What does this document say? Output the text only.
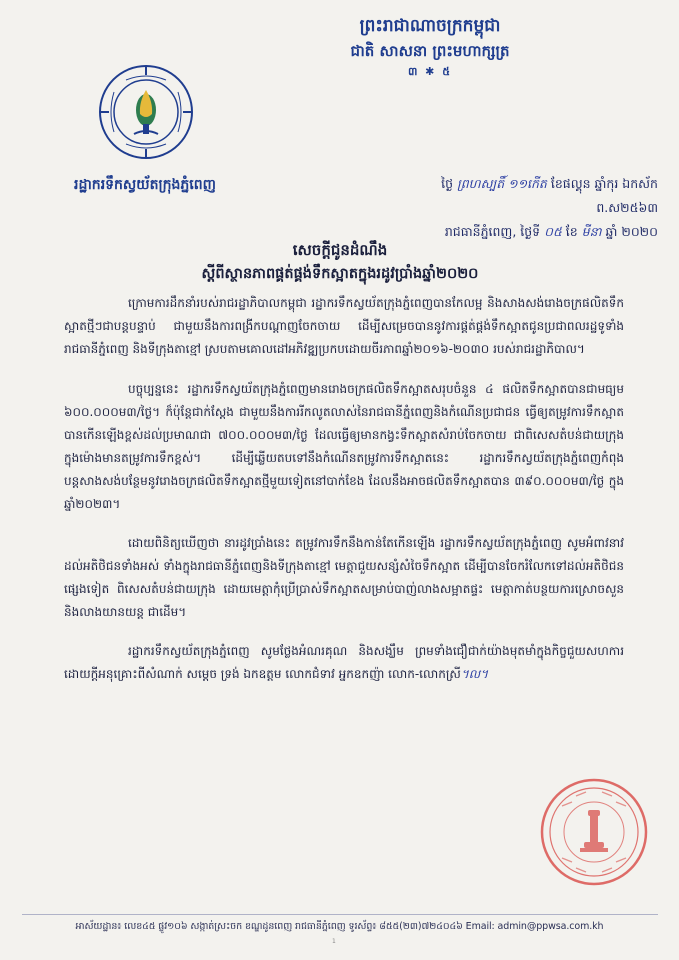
ព្រះរាជាណាចក្រកម្ពុជា
ជាតិ សាសនា ព្រះមហាក្សត្រ
៣ ✱ ៥
រដ្ឋាករទឹកស្វយ័តក្រុងភ្នំពេញ	ថ្ងៃ ព្រហស្បតិ៍ ១១កើត ខែផល្គុន ឆ្នាំកុរ ឯកស័ក ព.ស២៥៦៣
រាជធានីភ្នំពេញ, ថ្ងៃទី ០៥ ខែ មីនា ឆ្នាំ ២០២០
សេចក្តីជូនដំណឹង
ស្តីពីស្ថានភាពផ្គត់ផ្គង់ទឹកស្អាតក្នុងរដូវប្រាំងឆ្នាំ២០២០

ក្រោមការដឹកនាំរបស់រាជរដ្ឋាភិបាលកម្ពុជា រដ្ឋាករទឹកស្វយ័តក្រុងភ្នំពេញបានកែលម្អ និងសាងសង់រោងចក្រផលិតទឹកស្អាតថ្មីៗជាបន្តបន្ទាប់ ជាមួយនឹងការពង្រីកបណ្តាញចែកចាយ ដើម្បីសម្រេចបាននូវការផ្គត់ផ្គង់ទឹកស្អាតជូនប្រជាពលរដ្ឋទូទាំងរាជធានីភ្នំពេញ និងទីក្រុងតាខ្មៅ ស្របតាមគោលដៅអភិវឌ្ឍប្រកបដោយចីរភាពឆ្នាំ២០១៦-២០៣០ របស់រាជរដ្ឋាភិបាល។

បច្ចុប្បន្ននេះ រដ្ឋាករទឹកស្វយ័តក្រុងភ្នំពេញមានរោងចក្រផលិតទឹកស្អាតសរុបចំនួន ៤ ផលិតទឹកស្អាតបានជាមធ្យម ៦០០.០០០ម៣/ថ្ងៃ។ ក៏ប៉ុន្តែជាក់ស្តែង ជាមួយនឹងការរីកលូតលាស់នៃរាជធានីភ្នំពេញនិងកំណើនប្រជាជន ធ្វើឲ្យតម្រូវការទឹកស្អាតបានកើនឡើងខ្ពស់ដល់ប្រមាណជា ៧០០.០០០ម៣/ថ្ងៃ ដែលធ្វើឲ្យមានកង្វះទឹកស្អាតសំរាប់ចែកចាយ ជាពិសេសតំបន់ជាយក្រុងក្នុងម៉ោងមានតម្រូវការទឹកខ្ពស់។ ដើម្បីឆ្លើយតបទៅនឹងកំណើនតម្រូវការទឹកស្អាតនេះ រដ្ឋាករទឹកស្វយ័តក្រុងភ្នំពេញកំពុងបន្តសាងសង់បន្ថែមនូវរោងចក្រផលិតទឹកស្អាតថ្មីមួយទៀតនៅបាក់ខែង ដែលនឹងអាចផលិតទឹកស្អាតបាន ៣៩០.០០០ម៣/ថ្ងៃ ក្នុងឆ្នាំ២០២៣។

ដោយពិនិត្យឃើញថា នារដូវប្រាំងនេះ តម្រូវការទឹកនឹងកាន់តែកើនឡើង រដ្ឋាករទឹកស្វយ័តក្រុងភ្នំពេញ សូមអំពាវនាវដល់អតិថិជនទាំងអស់ ទាំងក្នុងរាជធានីភ្នំពេញនិងទីក្រុងតាខ្មៅ មេត្តាជួយសន្សំសំចៃទឹកស្អាត ដើម្បីបានចែករំលែកទៅដល់អតិថិជនផ្សេងទៀត ពិសេសតំបន់ជាយក្រុង ដោយមេត្តាកុំប្រើប្រាស់ទឹកស្អាតសម្រាប់បាញ់លាងសម្អាតផ្ទះ មេត្តាកាត់បន្ថយការស្រោចសួននិងលាងយានយន្ត ជាដើម។

រដ្ឋាករទឹកស្វយ័តក្រុងភ្នំពេញ សូមថ្លែងអំណរគុណ និងសង្ឃឹម ព្រមទាំងជឿជាក់យ៉ាងមុតមាំក្នុងកិច្ចជួយសហការដោយក្តីអនុគ្រោះពីសំណាក់ សម្តេច ទ្រង់ ឯកឧត្តម លោកជំទាវ អ្នកឧកញ៉ា លោក-លោកស្រី។ល។

អាស័យដ្ឋាន៖ លេខ៤៥ ផ្លូវ១០៦ សង្កាត់ស្រះចក ខណ្ឌដូនពេញ រាជធានីភ្នំពេញ ទូរស័ព្ទ៖ ៨៥៥(២៣)៧២៤០៤៦ Email: admin@ppwsa.com.kh
1
